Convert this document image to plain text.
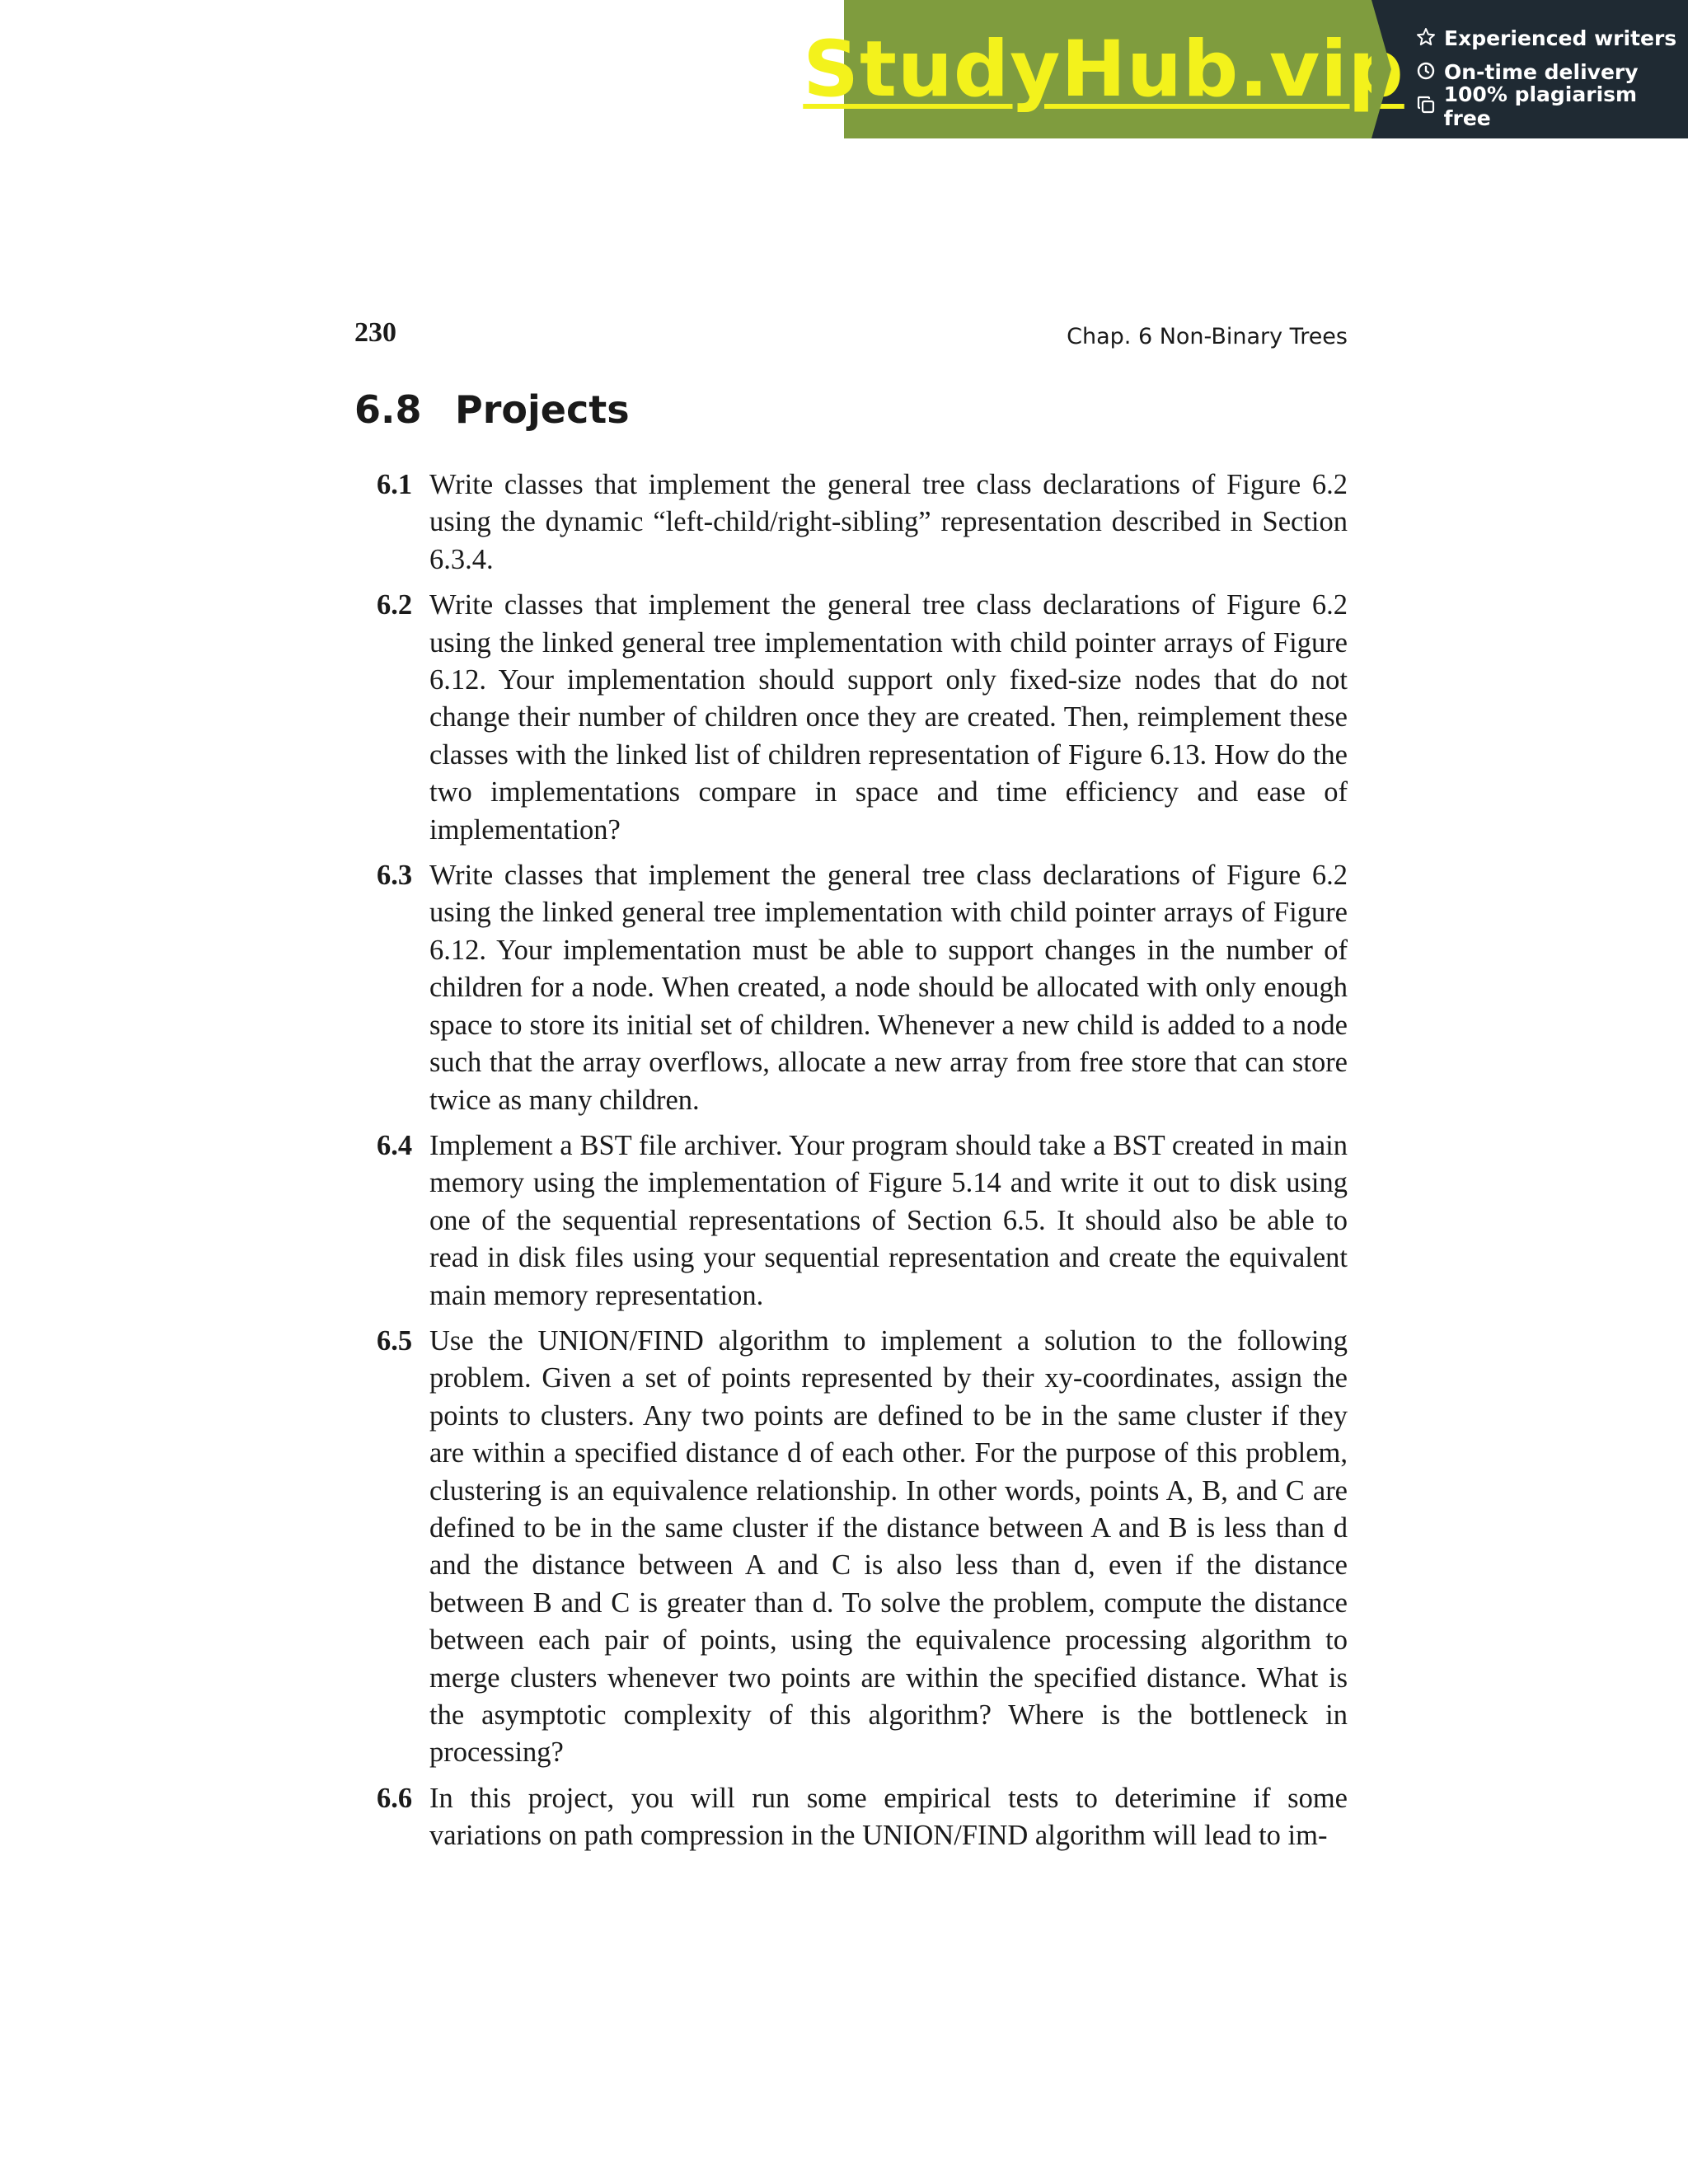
StudyHub.vip Experienced writers
On-time delivery
100% plagiarism free
230	Chap. 6 Non-Binary Trees
6.8 Projects
6.1 Write classes that implement the general tree class declarations of Figure 6.2 using the dynamic “left-child/right-sibling” representation described in Section 6.3.4.
6.2 Write classes that implement the general tree class declarations of Figure 6.2 using the linked general tree implementation with child pointer arrays of Figure 6.12. Your implementation should support only fixed-size nodes that do not change their number of children once they are created. Then, reimplement these classes with the linked list of children representation of Figure 6.13. How do the two implementations compare in space and time efficiency and ease of implementation?
6.3 Write classes that implement the general tree class declarations of Figure 6.2 using the linked general tree implementation with child pointer arrays of Figure 6.12. Your implementation must be able to support changes in the number of children for a node. When created, a node should be allocated with only enough space to store its initial set of children. Whenever a new child is added to a node such that the array overflows, allocate a new array from free store that can store twice as many children.
6.4 Implement a BST file archiver. Your program should take a BST created in main memory using the implementation of Figure 5.14 and write it out to disk using one of the sequential representations of Section 6.5. It should also be able to read in disk files using your sequential representation and create the equivalent main memory representation.
6.5 Use the UNION/FIND algorithm to implement a solution to the following problem. Given a set of points represented by their xy-coordinates, assign the points to clusters. Any two points are defined to be in the same cluster if they are within a specified distance d of each other. For the purpose of this problem, clustering is an equivalence relationship. In other words, points A, B, and C are defined to be in the same cluster if the distance between A and B is less than d and the distance between A and C is also less than d, even if the distance between B and C is greater than d. To solve the problem, compute the distance between each pair of points, using the equivalence processing algorithm to merge clusters whenever two points are within the specified distance. What is the asymptotic complexity of this algorithm? Where is the bottleneck in processing?
6.6 In this project, you will run some empirical tests to deterimine if some variations on path compression in the UNION/FIND algorithm will lead to im-
